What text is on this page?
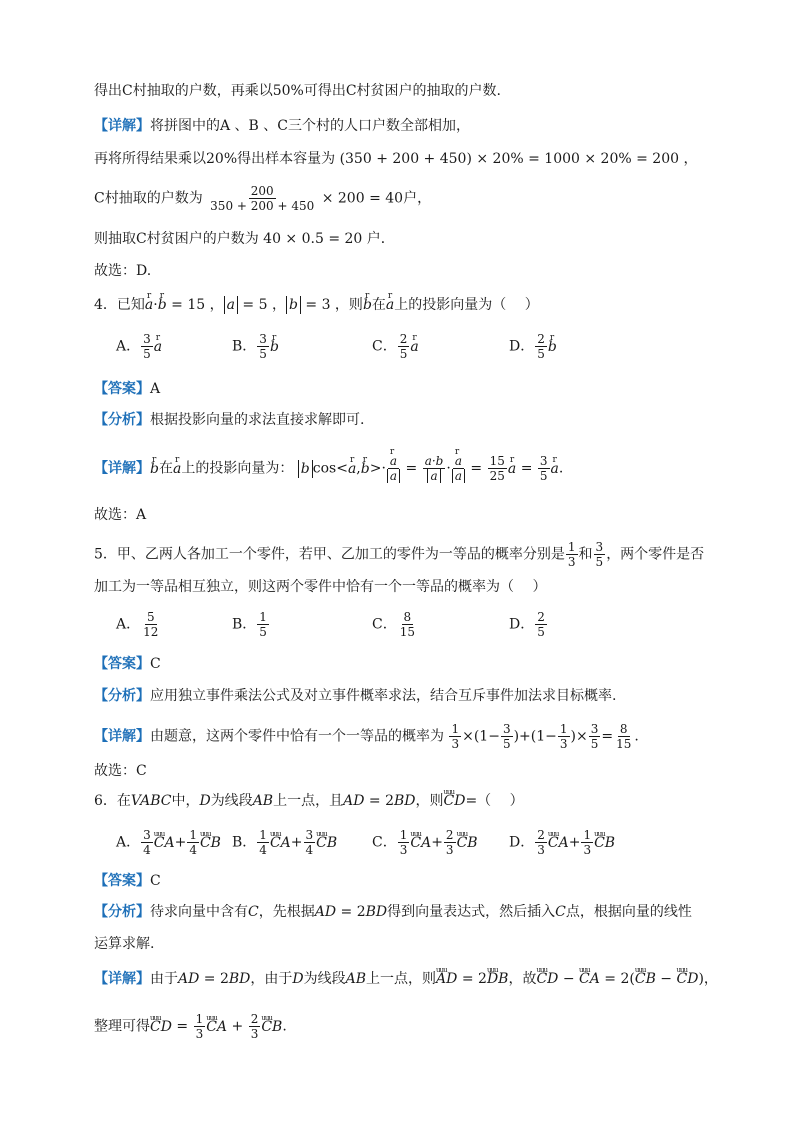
得出C村抽取的户数，再乘以50%可得出C村贫困户的抽取的户数.
【详解】将拼图中的A 、B 、C三个村的人口户数全部相加，
再将所得结果乘以20%得出样本容量为 (350 + 200 + 450) × 20% = 1000 × 20% = 200 ，
C村抽取的户数为 $\frac{200}{350 + 200 + 450} \times 200 = 40$户，
则抽取C村贫困户的户数为 40 × 0.5 = 20 户．
故选：D.
4．已知r a·r b = 15 ， a = 5 ， b = 3 ，则r b在r a上的投影向量为（　 ）
A． $\frac{3}{5}$
r a	B． $\frac{3}{5}$
r b	C． $\frac{2}{5}$
r a	D． $\frac{2}{5}$
r b
【答案】A
【分析】根据投影向量的求法直接求解即可.
【详解】r b在r a上的投影向量为： b cos<r a,r b>·
r $\frac{a}{a} = \frac{a\cdot b}{a}$ ·
r $\frac{a}{a} = \frac{15}{25}$
r $a = \frac{3}{5}$
r a.
故选：A
5．甲、乙两人各加工一个零件，若甲、乙加工的零件为一等品的概率分别是 $\frac{1}{3}$ 和 $\frac{3}{5}$ ，两个零件是否
加工为一等品相互独立，则这两个零件中恰有一个一等品的概率为（　 ）
A． $\frac{5}{12}$	B． $\frac{1}{5}$	C． $\frac{8}{15}$	D． $\frac{2}{5}$
【答案】C
【分析】应用独立事件乘法公式及对立事件概率求法，结合互斥事件加法求目标概率.
【详解】由题意，这两个零件中恰有一个一等品的概率为 $\frac{1}{3} \times(1- \frac{3}{5} )+(1- \frac{1}{3}$ )× $\frac{3}{5} = \frac{8}{15}$ .
故选：C
6．在VABC中，D为线段AB上一点，且AD = 2BD，则uuu CD=（　 ）
A． $\frac{3}{4}$
uuu $CA+ \frac{1}{4}$
uuu CB B． $\frac{1}{4}$
uuu $CA+ \frac{3}{4}$
uuu CB C． $\frac{1}{3}$
uuu $CA+ \frac{2}{3}$
uuu CB D． $\frac{2}{3}$
uuu $CA+ \frac{1}{3}$
uuu CB
【答案】C
【分析】待求向量中含有C，先根据AD = 2BD得到向量表达式，然后插入C点，根据向量的线性
运算求解.
【详解】由于AD = 2BD，由于D为线段AB上一点，则uuu AD = 2uuu DB，故uuu CD − uuu CA = 2(uuu CB − uuu CD)，
整理可得uuu CD = $\frac{1}{3}$
uuu CA + $\frac{2}{3}$
uuu CB.
